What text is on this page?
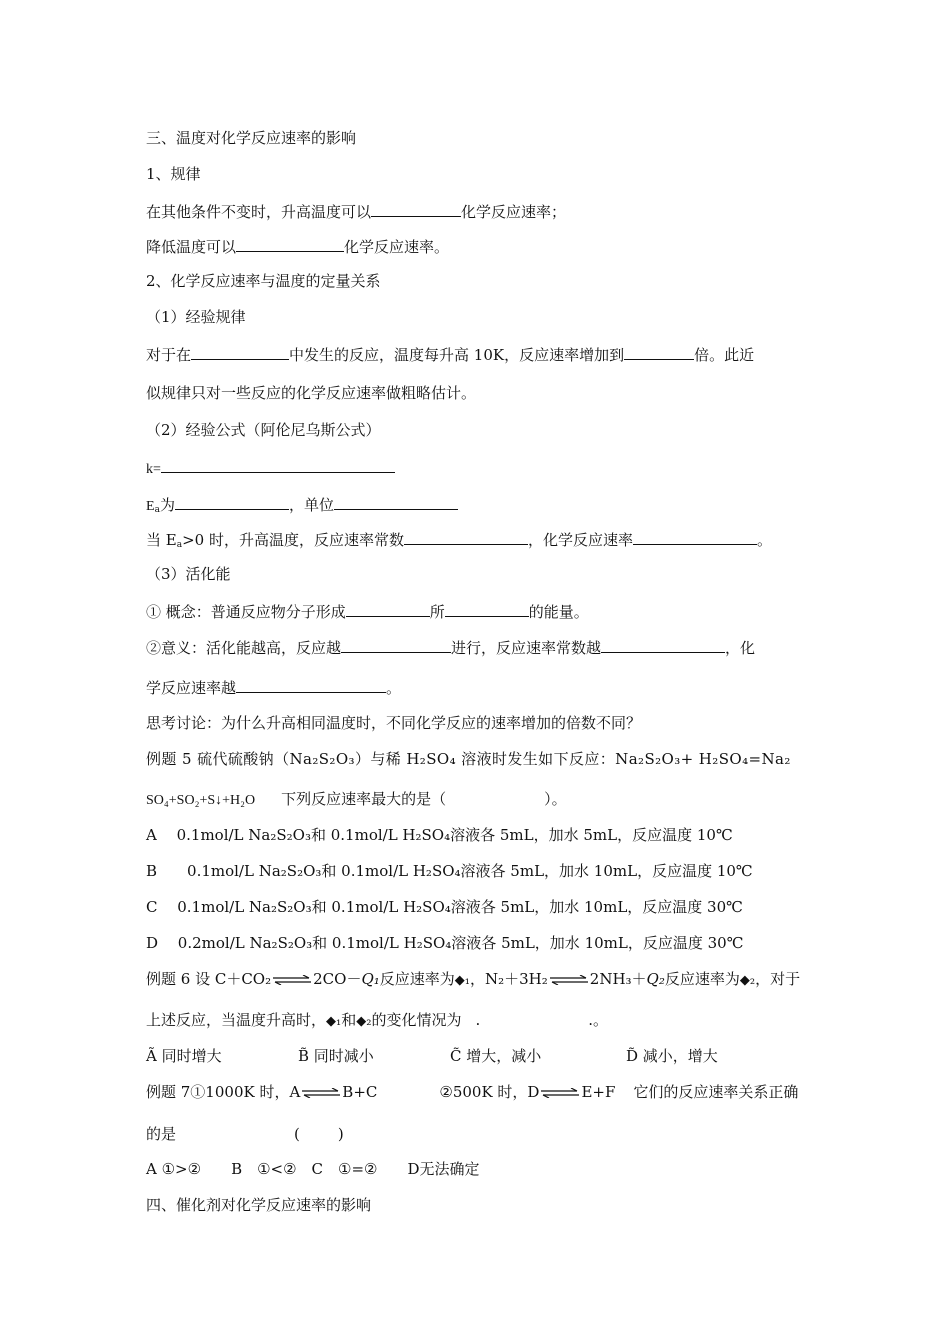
三、温度对化学反应速率的影响
1、规律
在其他条件不变时，升高温度可以	化学反应速率；
降低温度可以	化学反应速率。
2、化学反应速率与温度的定量关系
（1）经验规律
对于在	中发生的反应，温度每升高 10K，反应速率增加到	倍。此近
似规律只对一些反应的化学反应速率做粗略估计。
（2）经验公式（阿伦尼乌斯公式）
k=
$E_a$为	，单位
当 $E_a>0$ 时，升高温度，反应速率常数	，化学反应速率	。
（3）活化能
① 概念：普通反应物分子形成	所	的能量。
②意义：活化能越高，反应越	进行，反应速率常数越	，化
学反应速率越	。
思考讨论：为什么升高相同温度时，不同化学反应的速率增加的倍数不同？
例题 5 硫代硫酸钠（Na₂S₂O₃）与稀 H₂SO₄ 溶液时发生如下反应：Na₂S₂O₃+ H₂SO₄=Na₂
SO₄+SO₂+S↓+H₂O 下列反应速率最大的是（	）。
A　 0.1mol/L Na₂S₂O₃和 0.1mol/L H₂SO₄溶液各 5mL，加水 5mL，反应温度 10℃
B　　0.1mol/L Na₂S₂O₃和 0.1mol/L H₂SO₄溶液各 5mL，加水 10mL，反应温度 10℃
C　 0.1mol/L Na₂S₂O₃和 0.1mol/L H₂SO₄溶液各 5mL，加水 10mL，反应温度 30℃
D　 0.2mol/L Na₂S₂O₃和 0.1mol/L H₂SO₄溶液各 5mL，加水 10mL，反应温度 30℃
例题 6 设 C＋CO₂ ⇌ 2CO－Q₁反应速率为◆₁，N₂＋3H₂ ⇌ 2NH₃＋Q₂反应速率为◆₂，对于
上述反应，当温度升高时，◆₁和◆₂的变化情况为 .	.。
Ã 同时增大	B̃ 同时减小	C̃ 增大，减小	D̃ 减小，增大
例题 7①1000K 时，A ⇌ B+C	②500K 时，D ⇌ E+F 它们的反应速率关系正确
的是	(	)
A ①>②　　B　①<②　C　①=②　　D无法确定
四、催化剂对化学反应速率的影响
